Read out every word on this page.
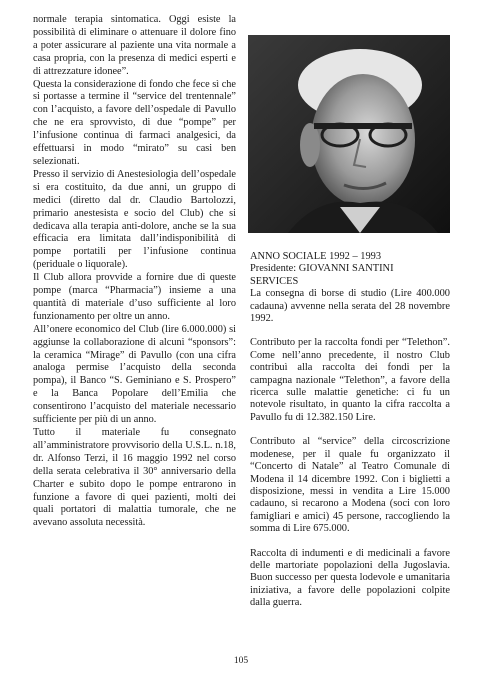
normale terapia sintomatica. Oggi esiste la possibilità di eliminare o attenuare il dolore fino a poter assicurare al paziente una vita normale a casa propria, con la presenza di medici esperti e di attrezzature idonee”.

Questa la considerazione di fondo che fece sì che si portasse a termine il “service del trentennale” con l’acquisto, a favore dell’ospedale di Pavullo che ne era sprovvisto, di due “pompe” per l’infusione continua di farmaci analgesici, da effettuarsi in modo “mirato” su casi ben selezionati.

Presso il servizio di Anestesiologia dell’ospedale si era costituito, da due anni, un gruppo di medici (diretto dal dr. Claudio Bartolozzi, primario anestesista e socio del Club) che si dedicava alla terapia anti-dolore, anche se la sua efficacia era limitata dall’indisponibilità di pompe portatili per l’infusione continua (periduale o liquorale).

Il Club allora provvide a fornire due di queste pompe (marca “Pharmacia”) insieme a una quantità di materiale d’uso sufficiente al loro funzionamento per oltre un anno.

All’onere economico del Club (lire 6.000.000) si aggiunse la collaborazione di alcuni “sponsors”: la ceramica “Mirage” di Pavullo (con una cifra analoga permise l’acquisto della seconda pompa), il Banco “S. Geminiano e S. Prospero” e la Banca Popolare dell’Emilia che consentirono l’acquisto del materiale necessario sufficiente per più di un anno.

Tutto il materiale fu consegnato all’amministratore provvisorio della U.S.L. n.18, dr. Alfonso Terzi, il 16 maggio 1992 nel corso della serata celebrativa il 30° anniversario della Charter e subito dopo le pompe entrarono in funzione a favore di quei pazienti, molti dei quali portatori di malattia tumorale, che ne avevano assoluta necessità.

ANNO SOCIALE 1992 – 1993

Presidente: GIOVANNI SANTINI

SERVICES

La consegna di borse di studio (Lire 400.000 cadauna) avvenne nella serata del 28 novembre 1992.

Contributo per la raccolta fondi per “Telethon”. Come nell’anno precedente, il nostro Club contribuì alla raccolta dei fondi per la campagna nazionale “Telethon”, a favore della ricerca sulle malattie genetiche: ci fu un notevole risultato, in quanto la cifra raccolta a Pavullo fu di 12.382.150 Lire.

Contributo al “service” della circoscrizione modenese, per il quale fu organizzato il “Concerto di Natale” al Teatro Comunale di Modena il 14 dicembre 1992. Con i biglietti a disposizione, messi in vendita a Lire 15.000 cadauno, si recarono a Modena (soci con loro famigliari e amici) 45 persone, raccogliendo la somma di Lire 675.000.

Raccolta di indumenti e di medicinali a favore delle martoriate popolazioni della Jugoslavia. Buon successo per questa lodevole e umanitaria iniziativa, a favore delle popolazioni colpite dalla guerra.

105
